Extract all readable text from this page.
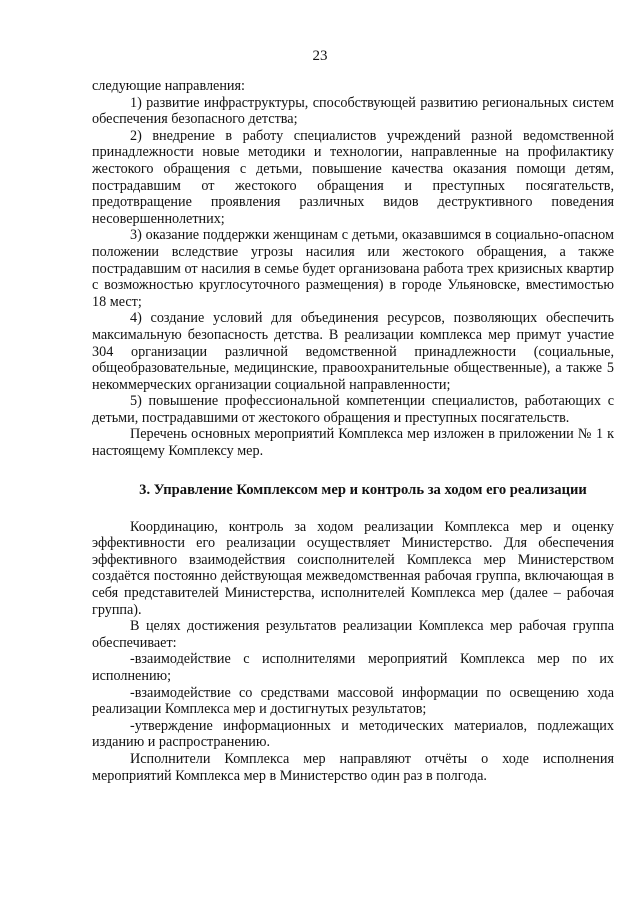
23

следующие направления:

1) развитие инфраструктуры, способствующей развитию региональных систем обеспечения безопасного детства;

2) внедрение в работу специалистов учреждений разной ведомственной принадлежности новые методики и технологии, направленные на профилактику жестокого обращения с детьми, повышение качества оказания помощи детям, пострадавшим от жестокого обращения и преступных посягательств, предотвращение проявления различных видов деструктивного поведения несовершеннолетних;

3) оказание поддержки женщинам с детьми, оказавшимся в социально-опасном положении вследствие угрозы насилия или жестокого обращения, а также пострадавшим от насилия в семье будет организована работа трех кризисных квартир с возможностью круглосуточного размещения) в городе Ульяновске, вместимостью 18 мест;

4) создание условий для объединения ресурсов, позволяющих обеспечить максимальную безопасность детства. В реализации комплекса мер примут участие 304 организации различной ведомственной принадлежности (социальные, общеобразовательные, медицинские, правоохранительные общественные), а также 5 некоммерческих организации социальной направленности;

5) повышение профессиональной компетенции специалистов, работающих с детьми, пострадавшими от жестокого обращения и преступных посягательств.

Перечень основных мероприятий Комплекса мер изложен в приложении № 1 к настоящему Комплексу мер.

3. Управление Комплексом мер и контроль за ходом его реализации

Координацию, контроль за ходом реализации Комплекса мер и оценку эффективности его реализации осуществляет Министерство. Для обеспечения эффективного взаимодействия соисполнителей Комплекса мер Министерством создаётся постоянно действующая межведомственная рабочая группа, включающая в себя представителей Министерства, исполнителей Комплекса мер (далее – рабочая группа).

В целях достижения результатов реализации Комплекса мер рабочая группа обеспечивает:

-взаимодействие с исполнителями мероприятий Комплекса мер по их исполнению;

-взаимодействие со средствами массовой информации по освещению хода реализации Комплекса мер и достигнутых результатов;

-утверждение информационных и методических материалов, подлежащих изданию и распространению.

Исполнители Комплекса мер направляют отчёты о ходе исполнения мероприятий Комплекса мер в Министерство один раз в полгода.
